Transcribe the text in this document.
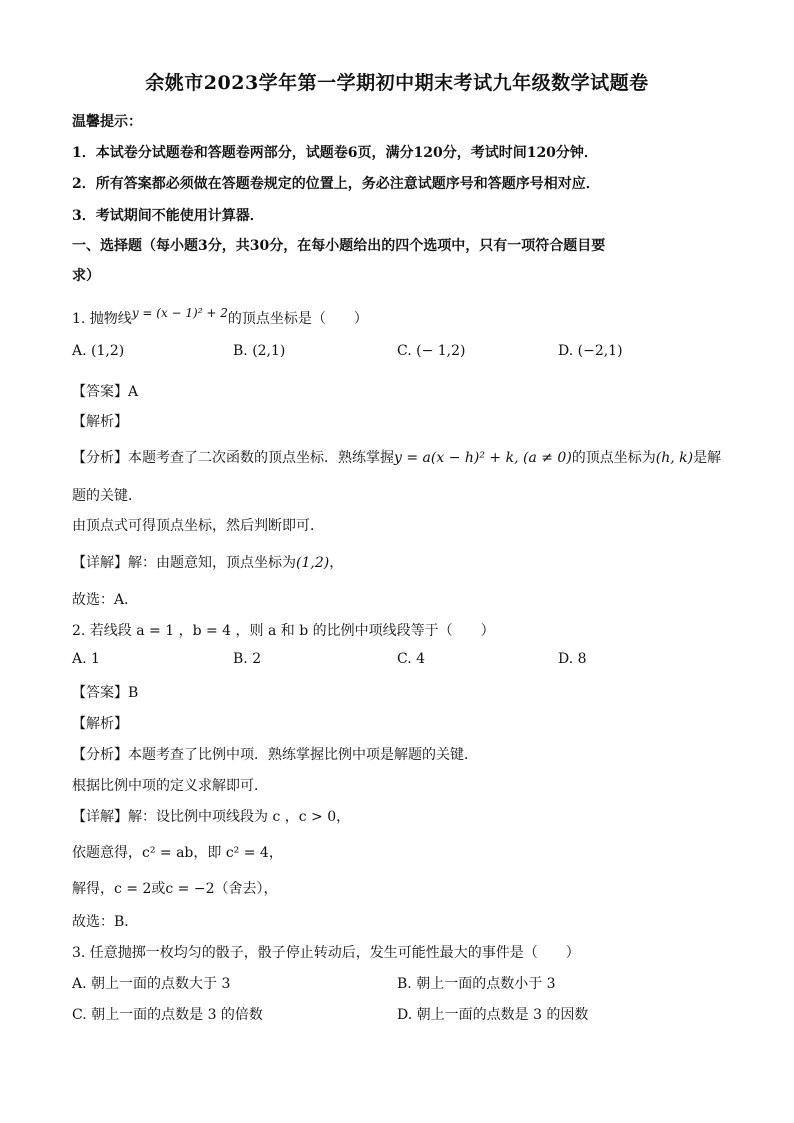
余姚市2023学年第一学期初中期末考试九年级数学试题卷
温馨提示：
1．本试卷分试题卷和答题卷两部分，试题卷6页，满分120分，考试时间120分钟．
2．所有答案都必须做在答题卷规定的位置上，务必注意试题序号和答题序号相对应．
3．考试期间不能使用计算器．
一、选择题（每小题3分，共30分，在每小题给出的四个选项中，只有一项符合题目要
求）
1. 抛物线y = (x − 1)² + 2的顶点坐标是（　　）
A. (1,2)	B. (2,1)	C. (− 1,2)	D. (−2,1)
【答案】A
【解析】
【分析】本题考查了二次函数的顶点坐标．熟练掌握y = a(x − h)² + k, (a ≠ 0)的顶点坐标为(h, k)是解
题的关键．
由顶点式可得顶点坐标，然后判断即可．
【详解】解：由题意知，顶点坐标为(1,2)，
故选：A．
2. 若线段 a = 1 ，b = 4 ，则 a 和 b 的比例中项线段等于（　　）
A. 1	B. 2	C. 4	D. 8
【答案】B
【解析】
【分析】本题考查了比例中项．熟练掌握比例中项是解题的关键．
根据比例中项的定义求解即可．
【详解】解：设比例中项线段为 c ，c > 0，
依题意得，c² = ab，即 c² = 4，
解得，c = 2或c = −2（舍去），
故选：B．
3. 任意抛掷一枚均匀的骰子，骰子停止转动后，发生可能性最大的事件是（　　）
A. 朝上一面的点数大于 3	B. 朝上一面的点数小于 3
C. 朝上一面的点数是 3 的倍数	D. 朝上一面的点数是 3 的因数
